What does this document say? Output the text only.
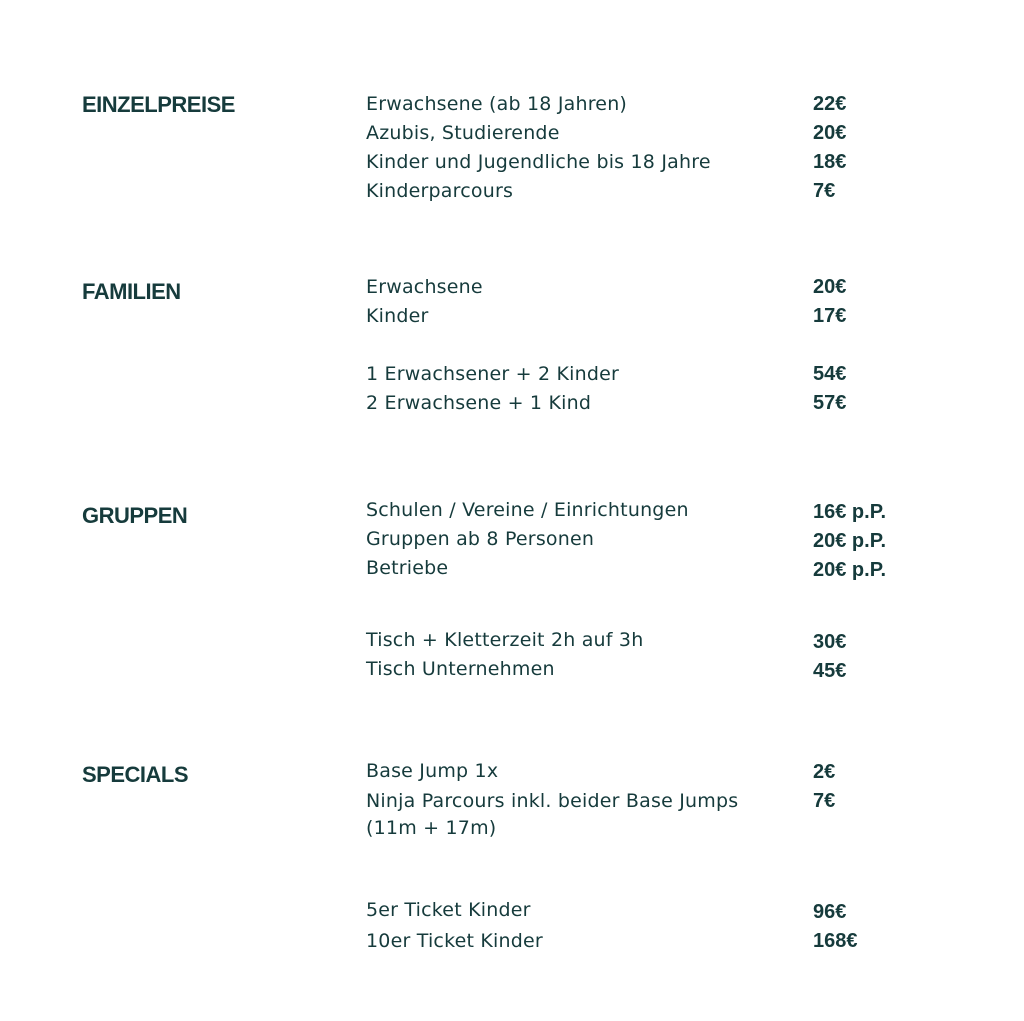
EINZELPREISE	Erwachsene (ab 18 Jahren)	22€
Azubis, Studierende	20€
Kinder und Jugendliche bis 18 Jahre	18€
Kinderparcours	7€
FAMILIEN	Erwachsene	20€
Kinder	17€
1 Erwachsener + 2 Kinder	54€
2 Erwachsene + 1 Kind	57€
GRUPPEN	Schulen / Vereine / Einrichtungen	16€ p.P.
Gruppen ab 8 Personen	20€ p.P.
Betriebe	20€ p.P.
Tisch + Kletterzeit 2h auf 3h	30€
Tisch Unternehmen	45€
SPECIALS	Base Jump 1x	2€
Ninja Parcours inkl. beider Base Jumps	7€
(11m + 17m)
5er Ticket Kinder	96€
10er Ticket Kinder	168€
